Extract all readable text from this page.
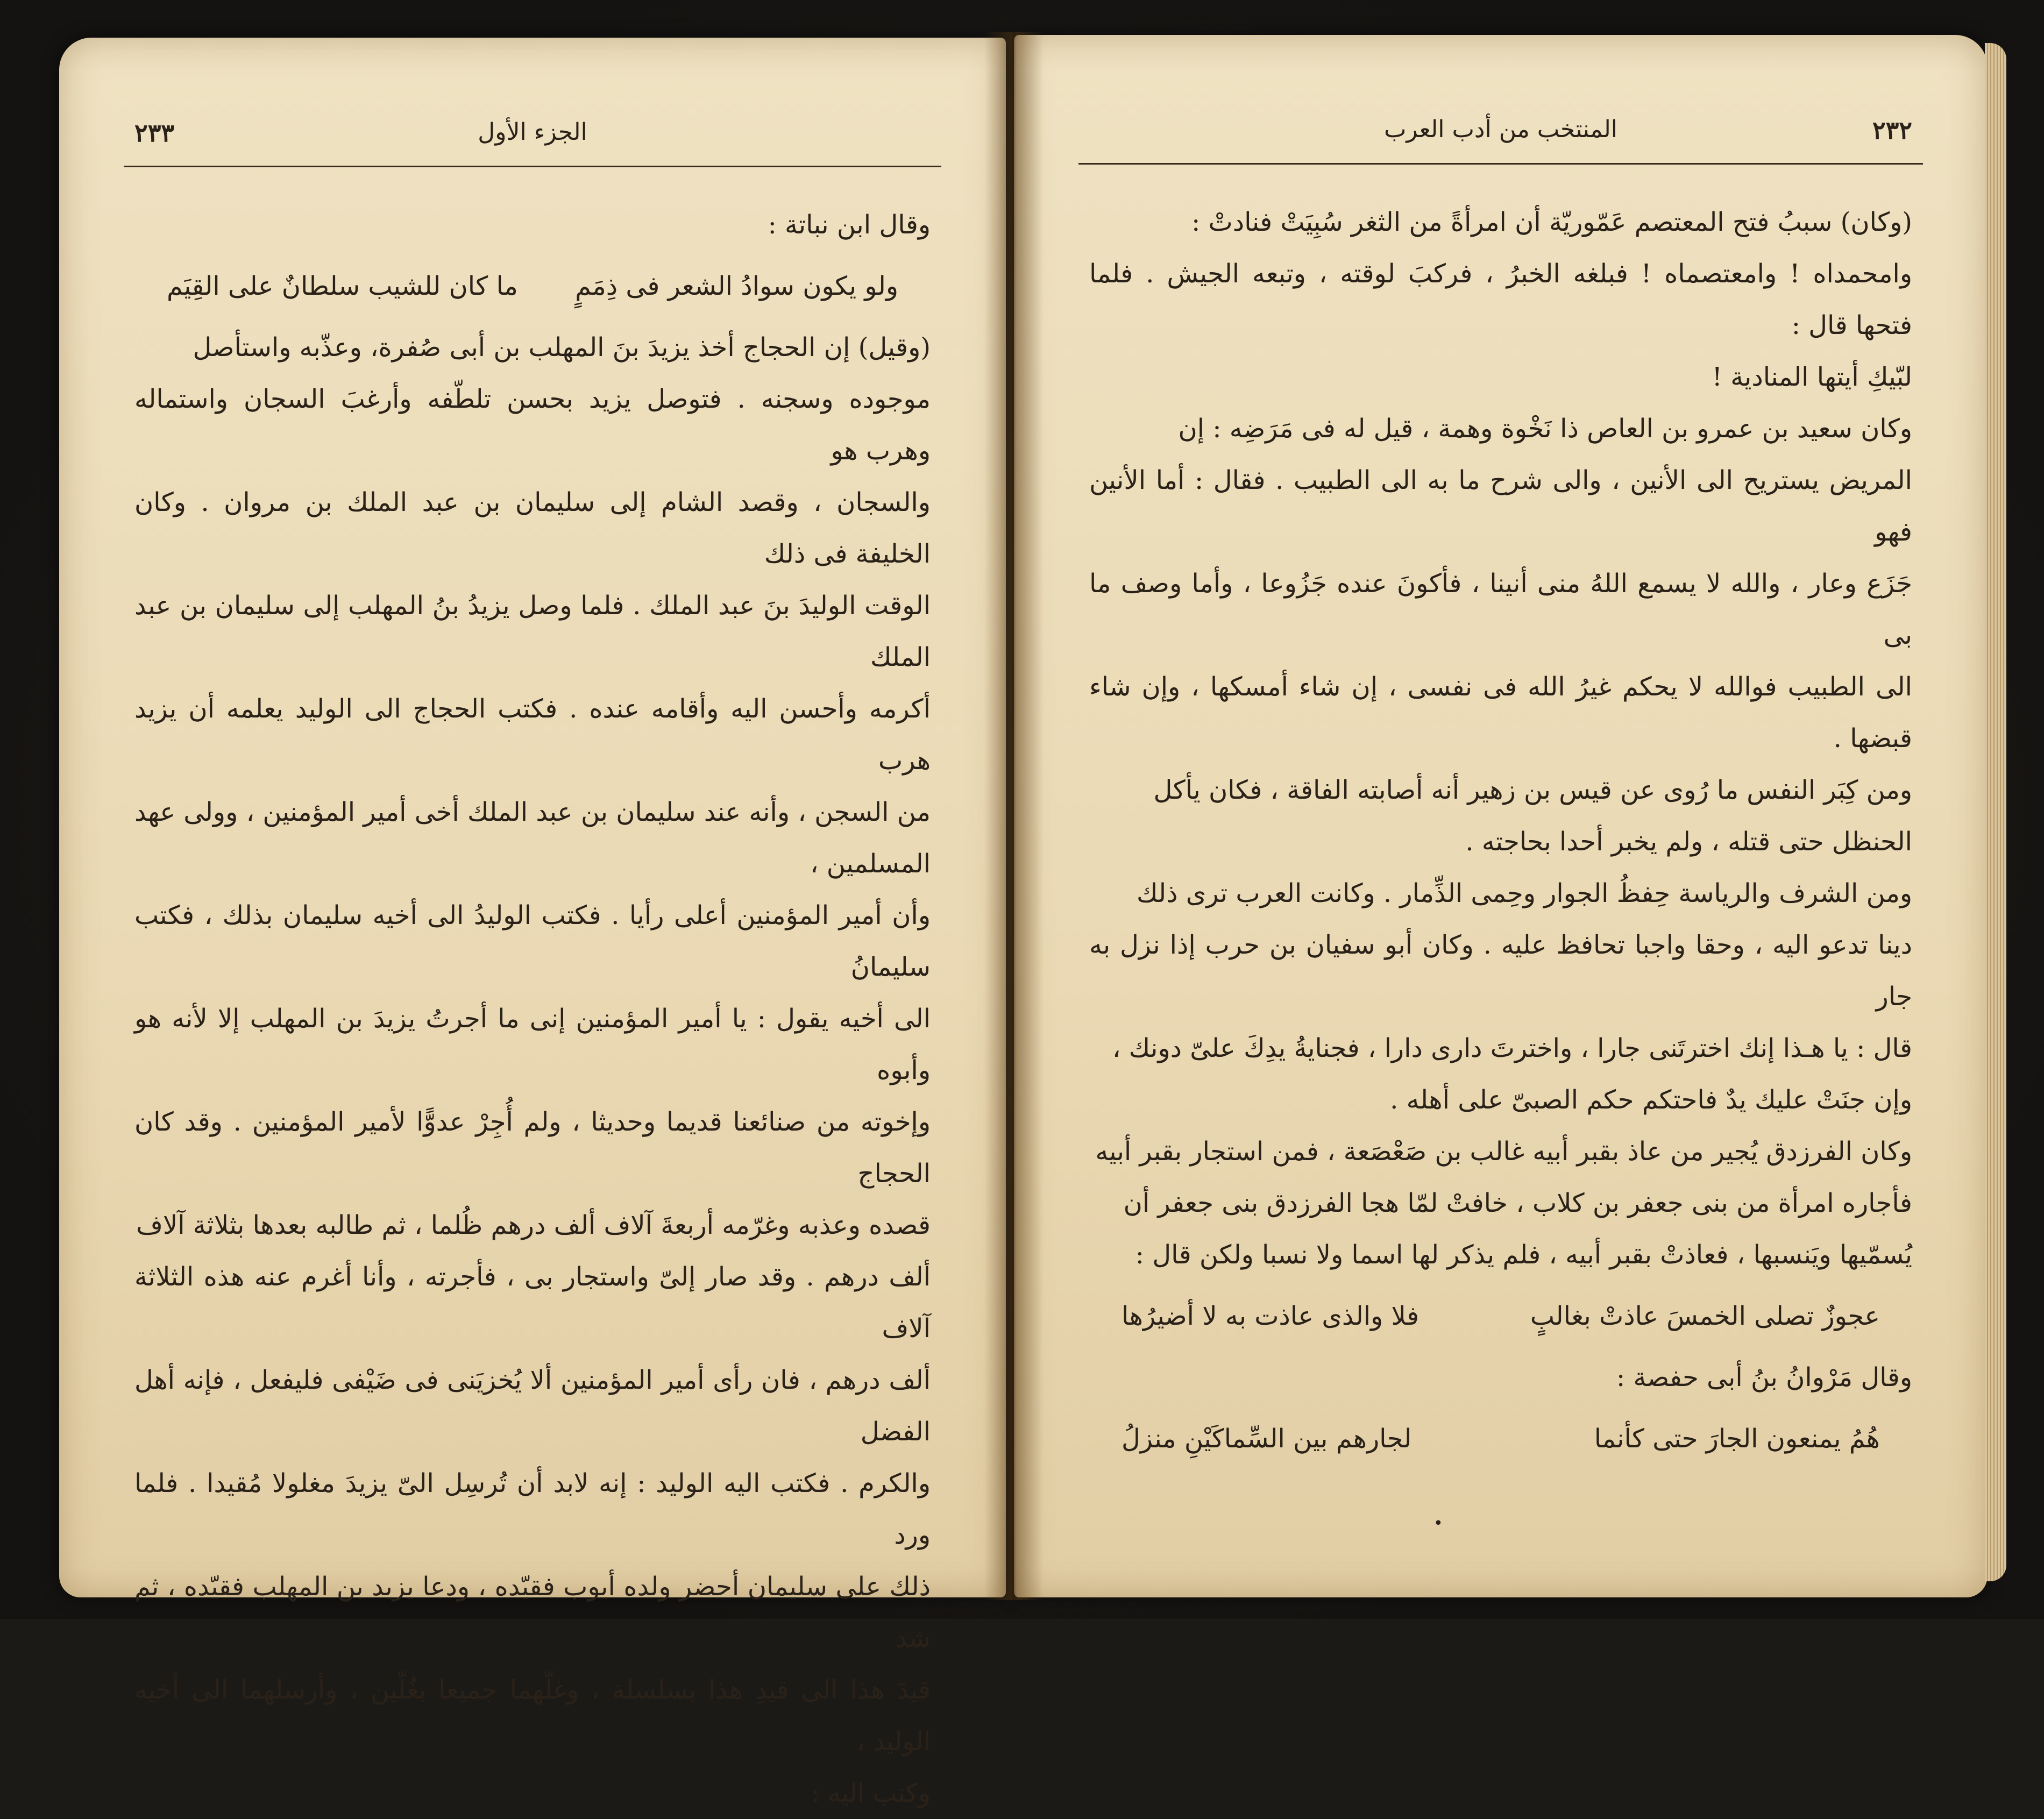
٢٣٣	الجزء الأول

وقال ابن نباتة :

ولو يكون سوادُ الشعر فى ذِمَمٍ
ما كان للشيب سلطانٌ على القِيَم

(وقيل) إن الحجاج أخذ يزيدَ بنَ المهلب بن أبى صُفرة، وعذّبه واستأصل

موجوده وسجنه . فتوصل يزيد بحسن تلطّفه وأرغبَ السجان واستماله وهرب هو

والسجان ، وقصد الشام إلى سليمان بن عبد الملك بن مروان . وكان الخليفة فى ذلك

الوقت الوليدَ بنَ عبد الملك . فلما وصل يزيدُ بنُ المهلب إلى سليمان بن عبد الملك

أكرمه وأحسن اليه وأقامه عنده . فكتب الحجاج الى الوليد يعلمه أن يزيد هرب

من السجن ، وأنه عند سليمان بن عبد الملك أخى أمير المؤمنين ، وولى عهد المسلمين ،

وأن أمير المؤمنين أعلى رأيا . فكتب الوليدُ الى أخيه سليمان بذلك ، فكتب سليمانُ

الى أخيه يقول : يا أمير المؤمنين إنى ما أجرتُ يزيدَ بن المهلب إلا لأنه هو وأبوه

وإخوته من صنائعنا قديما وحديثا ، ولم أُجِرْ عدوًّا لأمير المؤمنين . وقد كان الحجاج

قصده وعذبه وغرّمه أربعةَ آلاف ألف درهم ظُلما ، ثم طالبه بعدها بثلاثة آلاف

ألف درهم . وقد صار إلىّ واستجار بى ، فأجرته ، وأنا أغرم عنه هذه الثلاثة آلاف

ألف درهم ، فان رأى أمير المؤمنين ألا يُخزيَنى فى ضَيْفى فليفعل ، فإنه أهل الفضل

والكرم . فكتب اليه الوليد : إنه لابد أن تُرسِل الىّ يزيدَ مغلولا مُقيدا . فلما ورد

ذلك على سليمان أحضر ولده أيوب فقيّده ، ودعا يزيد بن المهلب فقيّده ، ثم شد

قيدَ هذا الى قيدِ هذا بسلسلة ، وغلّهما جميعا بغُلّين ، وأرسلهما الى أخيه الوليد ،

وكتب اليه :

٢٣٢
المنتخب من أدب العرب

(وكان) سببُ فتح المعتصم عَمّوريّة أن امرأةً من الثغر سُبِيَتْ فنادتْ :

وامحمداه ! وامعتصماه ! فبلغه الخبرُ ، فركبَ لوقته ، وتبعه الجيش . فلما فتحها قال :

لبّيكِ أيتها المنادية !

وكان سعيد بن عمرو بن العاص ذا نَخْوة وهمة ، قيل له فى مَرَضِه : إن

المريض يستريح الى الأنين ، والى شرح ما به الى الطبيب . فقال : أما الأنين فهو

جَزَع وعار ، والله لا يسمع اللهُ منى أنينا ، فأكونَ عنده جَزُوعا ، وأما وصف ما بى

الى الطبيب فوالله لا يحكم غيرُ الله فى نفسى ، إن شاء أمسكها ، وإن شاء قبضها .

ومن كِبَر النفس ما رُوى عن قيس بن زهير أنه أصابته الفاقة ، فكان يأكل

الحنظل حتى قتله ، ولم يخبر أحدا بحاجته .

ومن الشرف والرياسة حِفظُ الجوار وحِمى الذِّمار . وكانت العرب ترى ذلك

دينا تدعو اليه ، وحقا واجبا تحافظ عليه . وكان أبو سفيان بن حرب إذا نزل به جار

قال : يا هـذا إنك اخترتَنى جارا ، واخترتَ دارى دارا ، فجنايةُ يدِكَ علىّ دونك ،

وإن جنَتْ عليك يدٌ فاحتكم حكم الصبىّ على أهله .

وكان الفرزدق يُجير من عاذ بقبر أبيه غالب بن صَعْصَعة ، فمن استجار بقبر أبيه

فأجاره امرأة من بنى جعفر بن كلاب ، خافتْ لمّا هجا الفرزدق بنى جعفر أن

يُسمّيها ويَنسبها ، فعاذتْ بقبر أبيه ، فلم يذكر لها اسما ولا نسبا ولكن قال :

عجوزٌ تصلى الخمسَ عاذتْ بغالبٍ
فلا والذى عاذت به لا أضيرُها

وقال مَرْوانُ بنُ أبى حفصة :

هُمُ يمنعون الجارَ حتى كأنما
لجارهم بين السِّماكَيْنِ منزلُ
•
